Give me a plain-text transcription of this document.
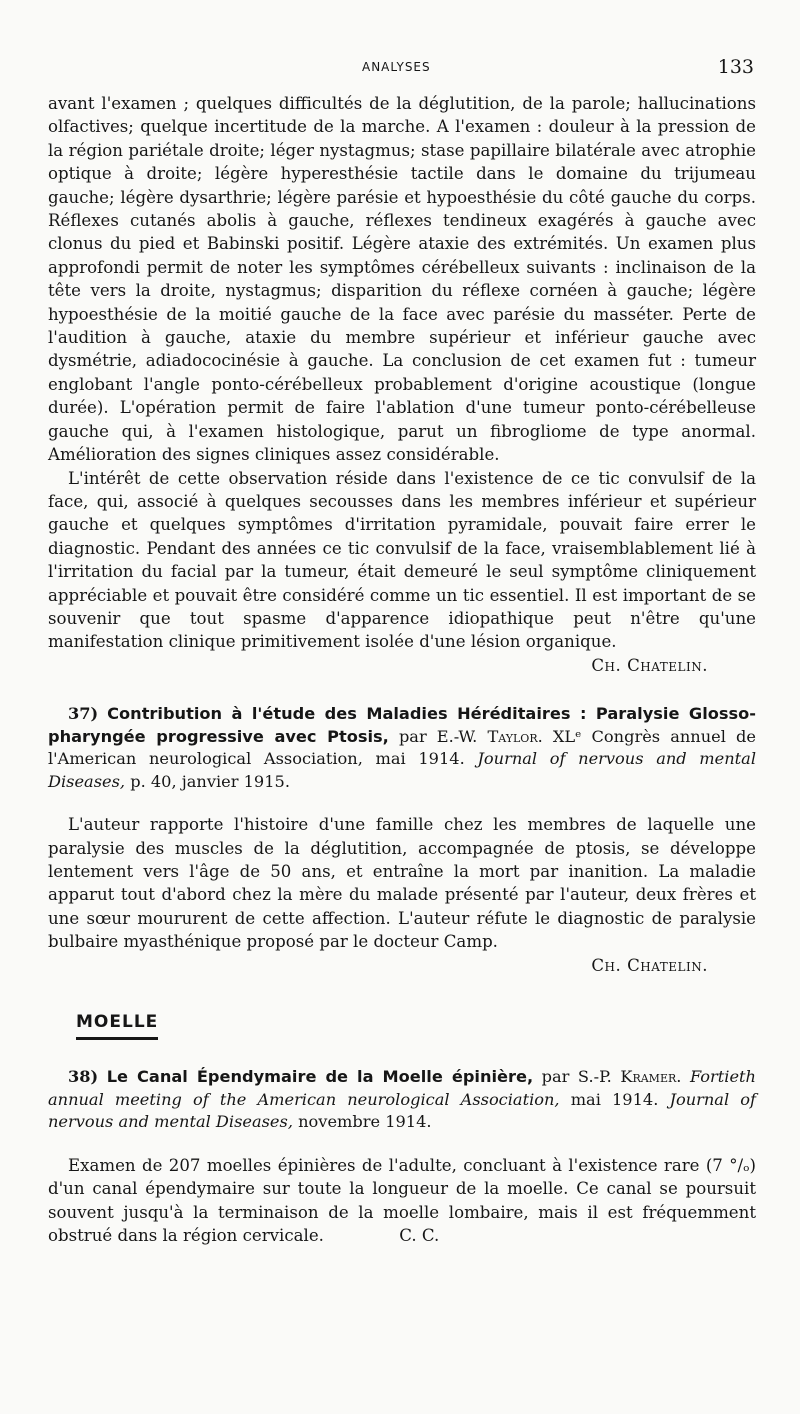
ANALYSES	133

avant l'examen ; quelques difficultés de la déglutition, de la parole; hallucinations olfactives; quelque incertitude de la marche. A l'examen : douleur à la pression de la région pariétale droite; léger nystagmus; stase papillaire bilatérale avec atrophie optique à droite; légère hyperesthésie tactile dans le domaine du trijumeau gauche; légère dysarthrie; légère parésie et hypoesthésie du côté gauche du corps. Réflexes cutanés abolis à gauche, réflexes tendineux exagérés à gauche avec clonus du pied et Babinski positif. Légère ataxie des extrémités. Un examen plus approfondi permit de noter les symptômes cérébelleux suivants : inclinaison de la tête vers la droite, nystagmus; disparition du réflexe cornéen à gauche; légère hypoesthésie de la moitié gauche de la face avec parésie du masséter. Perte de l'audition à gauche, ataxie du membre supérieur et inférieur gauche avec dysmétrie, adiadococinésie à gauche. La conclusion de cet examen fut : tumeur englobant l'angle ponto-cérébelleux probablement d'origine acoustique (longue durée). L'opération permit de faire l'ablation d'une tumeur ponto-cérébelleuse gauche qui, à l'examen histologique, parut un fibrogliome de type anormal. Amélioration des signes cliniques assez considérable.

L'intérêt de cette observation réside dans l'existence de ce tic convulsif de la face, qui, associé à quelques secousses dans les membres inférieur et supérieur gauche et quelques symptômes d'irritation pyramidale, pouvait faire errer le diagnostic. Pendant des années ce tic convulsif de la face, vraisemblablement lié à l'irritation du facial par la tumeur, était demeuré le seul symptôme cliniquement appréciable et pouvait être considéré comme un tic essentiel. Il est important de se souvenir que tout spasme d'apparence idiopathique peut n'être qu'une manifestation clinique primitivement isolée d'une lésion organique.

Ch. Chatelin.

37) Contribution à l'étude des Maladies Héréditaires : Paralysie Glosso-pharyngée progressive avec Ptosis, par E.-W. Taylor. XLᵉ Congrès annuel de l'American neurological Association, mai 1914. Journal of nervous and mental Diseases, p. 40, janvier 1915.

L'auteur rapporte l'histoire d'une famille chez les membres de laquelle une paralysie des muscles de la déglutition, accompagnée de ptosis, se développe lentement vers l'âge de 50 ans, et entraîne la mort par inanition. La maladie apparut tout d'abord chez la mère du malade présenté par l'auteur, deux frères et une sœur moururent de cette affection. L'auteur réfute le diagnostic de paralysie bulbaire myasthénique proposé par le docteur Camp.

Ch. Chatelin.

MOELLE

38) Le Canal Épendymaire de la Moelle épinière, par S.-P. Kramer. Fortieth annual meeting of the American neurological Association, mai 1914. Journal of nervous and mental Diseases, novembre 1914.

Examen de 207 moelles épinières de l'adulte, concluant à l'existence rare (7 °/ₒ) d'un canal épendymaire sur toute la longueur de la moelle. Ce canal se poursuit souvent jusqu'à la terminaison de la moelle lombaire, mais il est fréquemment obstrué dans la région cervicale.	C. C.
